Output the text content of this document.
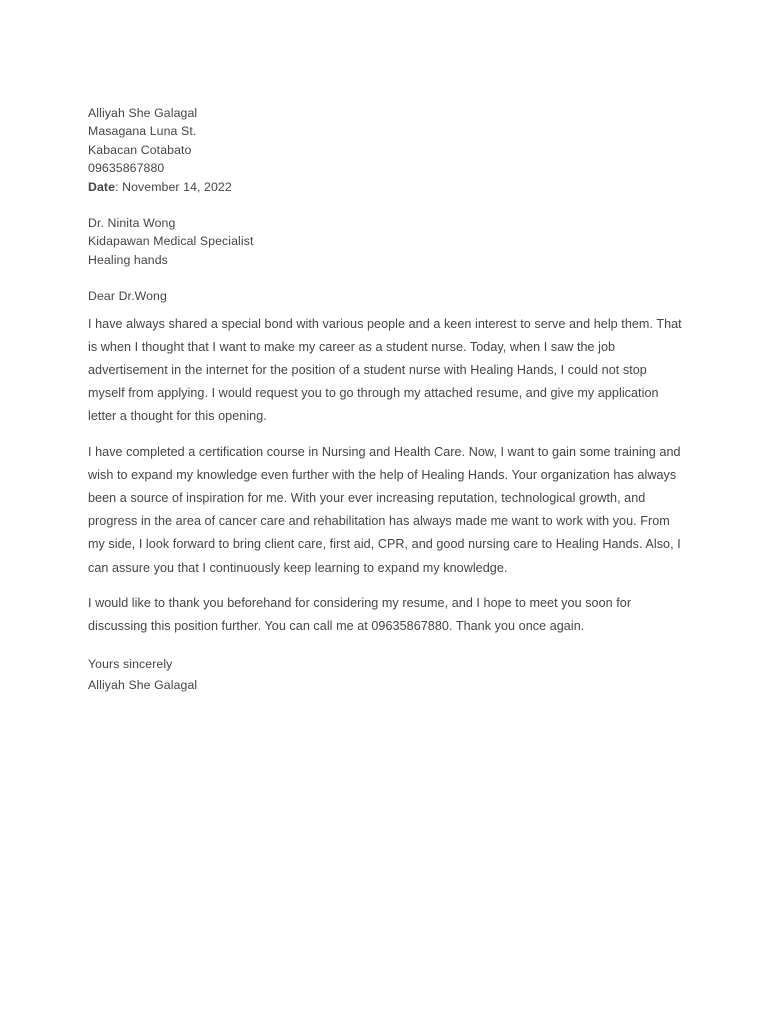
Alliyah She Galagal
Masagana Luna St.
Kabacan Cotabato
09635867880
Date: November 14, 2022
Dr. Ninita Wong
Kidapawan Medical Specialist
Healing hands
Dear Dr.Wong

I have always shared a special bond with various people and a keen interest to serve and help them. That is when I thought that I want to make my career as a student nurse. Today, when I saw the job advertisement in the internet for the position of a student nurse with Healing Hands, I could not stop myself from applying. I would request you to go through my attached resume, and give my application letter a thought for this opening.

I have completed a certification course in Nursing and Health Care. Now, I want to gain some training and wish to expand my knowledge even further with the help of Healing Hands. Your organization has always been a source of inspiration for me. With your ever increasing reputation, technological growth, and progress in the area of cancer care and rehabilitation has always made me want to work with you. From my side, I look forward to bring client care, first aid, CPR, and good nursing care to Healing Hands. Also, I can assure you that I continuously keep learning to expand my knowledge.

I would like to thank you beforehand for considering my resume, and I hope to meet you soon for discussing this position further. You can call me at 09635867880. Thank you once again.

Yours sincerely
Alliyah She Galagal
